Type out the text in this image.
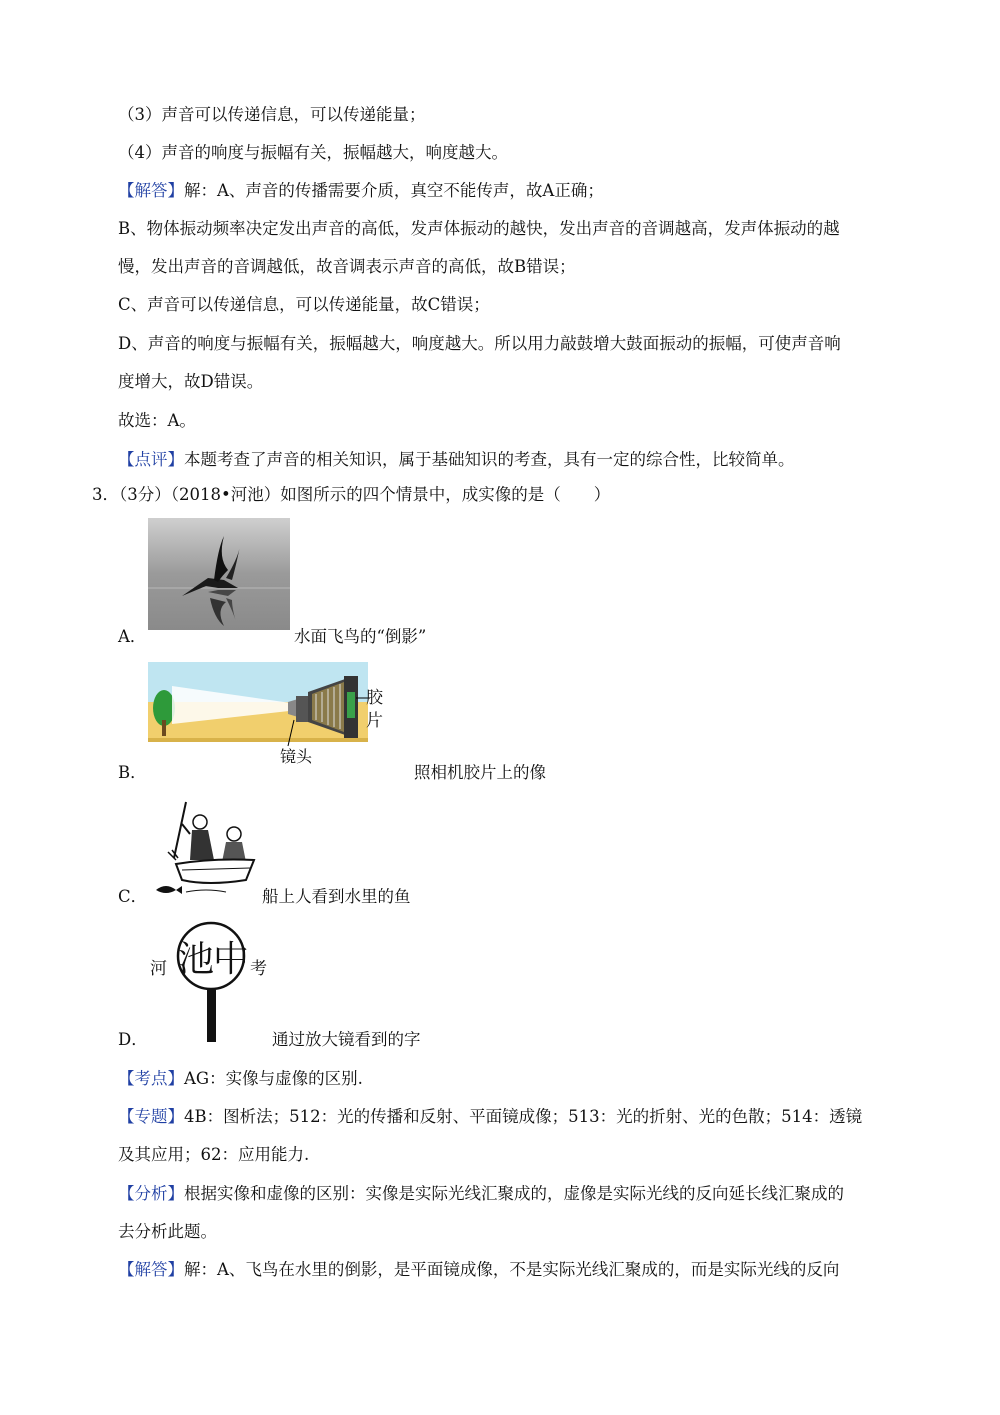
（3）声音可以传递信息，可以传递能量；
（4）声音的响度与振幅有关，振幅越大，响度越大。
【解答】解：A、声音的传播需要介质，真空不能传声，故A正确；
B、物体振动频率决定发出声音的高低，发声体振动的越快，发出声音的音调越高，发声体振动的越
慢，发出声音的音调越低，故音调表示声音的高低，故B错误；
C、声音可以传递信息，可以传递能量，故C错误；
D、声音的响度与振幅有关，振幅越大，响度越大。所以用力敲鼓增大鼓面振动的振幅，可使声音响
度增大，故D错误。
故选：A。
【点评】本题考查了声音的相关知识，属于基础知识的考查，具有一定的综合性，比较简单。
3．（3分）（2018•河池）如图所示的四个情景中，成实像的是（　　）
A．	水面飞鸟的“倒影”
胶
片
镜头
B．	照相机胶片上的像
C．	船上人看到水里的鱼
河 池中 考
D．	通过放大镜看到的字
【考点】AG：实像与虚像的区别.
【专题】4B：图析法；512：光的传播和反射、平面镜成像；513：光的折射、光的色散；514：透镜
及其应用；62：应用能力.
【分析】根据实像和虚像的区别：实像是实际光线汇聚成的，虚像是实际光线的反向延长线汇聚成的
去分析此题。
【解答】解：A、飞鸟在水里的倒影，是平面镜成像，不是实际光线汇聚成的，而是实际光线的反向
